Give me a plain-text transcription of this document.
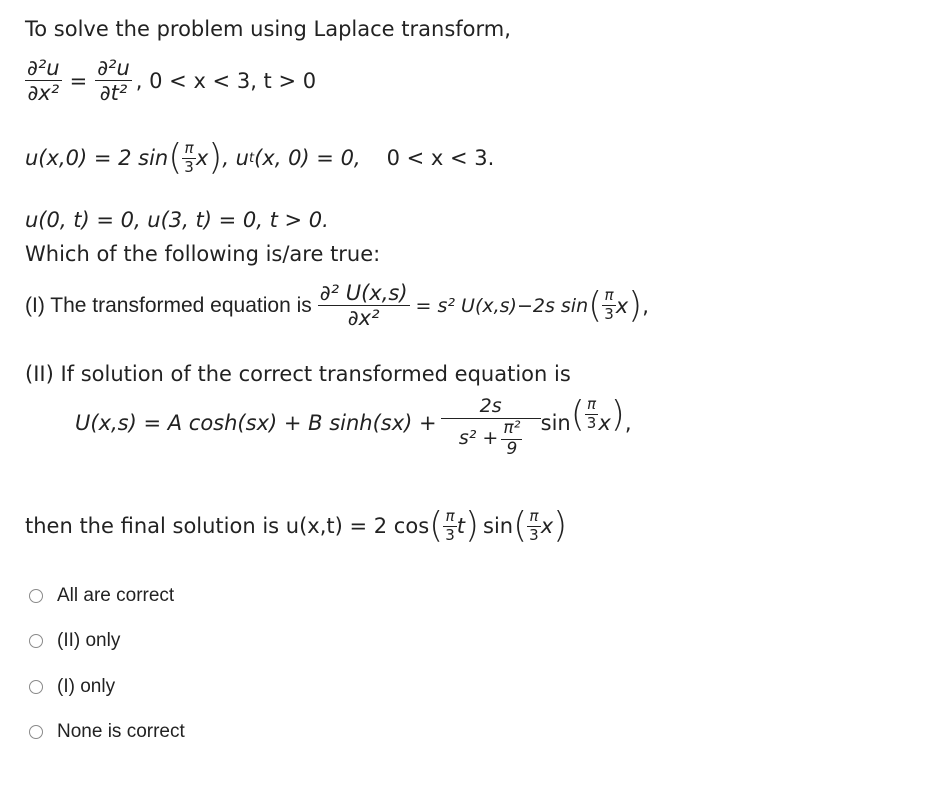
To solve the problem using Laplace transform,
$\frac{\text{∂²u}}{\text{∂x²}} = \frac{\text{∂²u}}{\text{∂t²}}$ , 0 < x < 3, t > 0
u(x,0) = 2 sin ( $\frac{\pi}{3}$ x ) , u t (x, 0) = 0, 0 < x < 3.
u(0, t) = 0, u(3, t) = 0, t > 0.
Which of the following is/are true:
(I) The transformed equation is $\frac{\text{∂² U(x,s)}}{\text{∂x²}} = s^2$ U(x,s)−2s sin ( $\frac{\pi}{3}$ x ) ,
(II) If solution of the correct transformed equation is
U(x,s) = A cosh(sx) + B $\sinh(sx) + \frac{2s}{s^2 + \frac{\text{π²}}{9}}$ sin ( $\frac{\pi}{3}$ x ) ,
then the final solution is u(x,t) = 2 cos ( $\frac{\pi}{3}$ t ) sin ( $\frac{\pi}{3}$ x )
All are correct
(II) only
(I) only
None is correct
